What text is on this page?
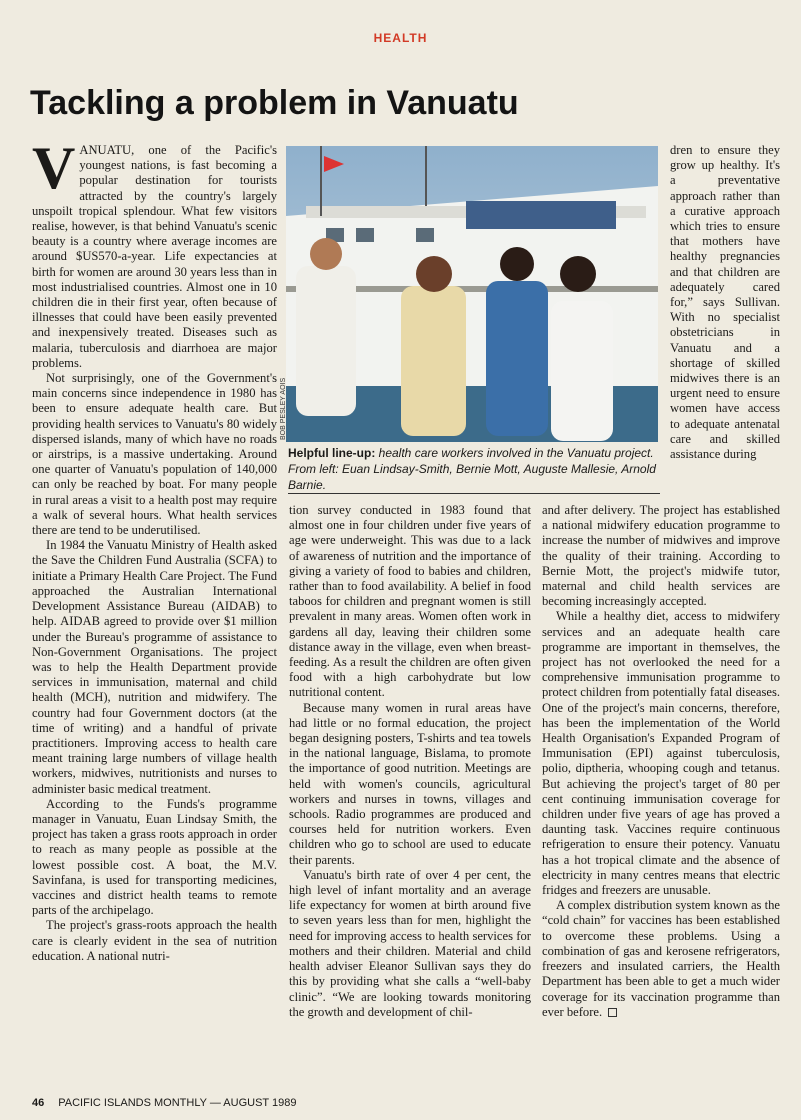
HEALTH
Tackling a problem in Vanuatu

VANUATU, one of the Pacific's youngest nations, is fast becoming a popular destination for tourists attracted by the country's largely unspoilt tropical splendour. What few visitors realise, however, is that behind Vanuatu's scenic beauty is a country where average incomes are around $US570-a-year. Life expectancies at birth for women are around 30 years less than in most industrialised countries. Almost one in 10 children die in their first year, often because of illnesses that could have been easily prevented and inexpensively treated. Diseases such as malaria, tuberculosis and diarrhoea are major problems.

Not surprisingly, one of the Government's main concerns since independence in 1980 has been to ensure adequate health care. But providing health services to Vanuatu's 80 widely dispersed islands, many of which have no roads or airstrips, is a massive undertaking. Around one quarter of Vanuatu's population of 140,000 can only be reached by boat. For many people in rural areas a visit to a health post may require a walk of several hours. What health services there are tend to be underutilised.

In 1984 the Vanuatu Ministry of Health asked the Save the Children Fund Australia (SCFA) to initiate a Primary Health Care Project. The Fund approached the Australian International Development Assistance Bureau (AIDAB) to help. AIDAB agreed to provide over $1 million under the Bureau's programme of assistance to Non-Government Organisations. The project was to help the Health Department provide services in immunisation, maternal and child health (MCH), nutrition and midwifery. The country had four Government doctors (at the time of writing) and a handful of private practitioners. Improving access to health care meant training large numbers of village health workers, midwives, nutritionists and nurses to administer basic medical treatment.

According to the Funds's programme manager in Vanuatu, Euan Lindsay Smith, the project has taken a grass roots approach in order to reach as many people as possible at the lowest possible cost. A boat, the M.V. Savinfana, is used for transporting medicines, vaccines and district health teams to remote parts of the archipelago.

The project's grass-roots approach the health care is clearly evident in the sea of nutrition education. A national nutri-

BOB PESLEY AOIS
Helpful line-up: health care workers involved in the Vanuatu project. From left: Euan Lindsay-Smith, Bernie Mott, Auguste Mallesie, Arnold Barnie.

dren to ensure they grow up healthy. It's a preventative approach rather than a curative approach which tries to ensure that mothers have healthy pregnancies and that children are adequately cared for,” says Sullivan. With no specialist obstetricians in Vanuatu and a shortage of skilled midwives there is an urgent need to ensure women have access to adequate antenatal care and skilled assistance during

tion survey conducted in 1983 found that almost one in four children under five years of age were underweight. This was due to a lack of awareness of nutrition and the importance of giving a variety of food to babies and children, rather than to food availability. A belief in food taboos for children and pregnant women is still prevalent in many areas. Women often work in gardens all day, leaving their children some distance away in the village, even when breast-feeding. As a result the children are often given food with a high carbohydrate but low nutritional content.

Because many women in rural areas have had little or no formal education, the project began designing posters, T-shirts and tea towels in the national language, Bislama, to promote the importance of good nutrition. Meetings are held with women's councils, agricultural workers and nurses in towns, villages and schools. Radio programmes are produced and courses held for nutrition workers. Even children who go to school are used to educate their parents.

Vanuatu's birth rate of over 4 per cent, the high level of infant mortality and an average life expectancy for women at birth around five to seven years less than for men, highlight the need for improving access to health services for mothers and their children. Material and child health adviser Eleanor Sullivan says they do this by providing what she calls a “well-baby clinic”. “We are looking towards monitoring the growth and development of chil-

and after delivery. The project has established a national midwifery education programme to increase the number of midwives and improve the quality of their training. According to Bernie Mott, the project's midwife tutor, maternal and child health services are becoming increasingly accepted.

While a healthy diet, access to midwifery services and an adequate health care programme are important in themselves, the project has not overlooked the need for a comprehensive immunisation programme to protect children from potentially fatal diseases. One of the project's main concerns, therefore, has been the implementation of the World Health Organisation's Expanded Program of Immunisation (EPI) against tuberculosis, polio, diptheria, whooping cough and tetanus. But achieving the project's target of 80 per cent continuing immunisation coverage for children under five years of age has proved a daunting task. Vaccines require continuous refrigeration to ensure their potency. Vanuatu has a hot tropical climate and the absence of electricity in many centres means that electric fridges and freezers are unusable.

A complex distribution system known as the “cold chain” for vaccines has been established to overcome these problems. Using a combination of gas and kerosene refrigerators, freezers and insulated carriers, the Health Department has been able to get a much wider coverage for its vaccination programme than ever before.

46 PACIFIC ISLANDS MONTHLY — AUGUST 1989
